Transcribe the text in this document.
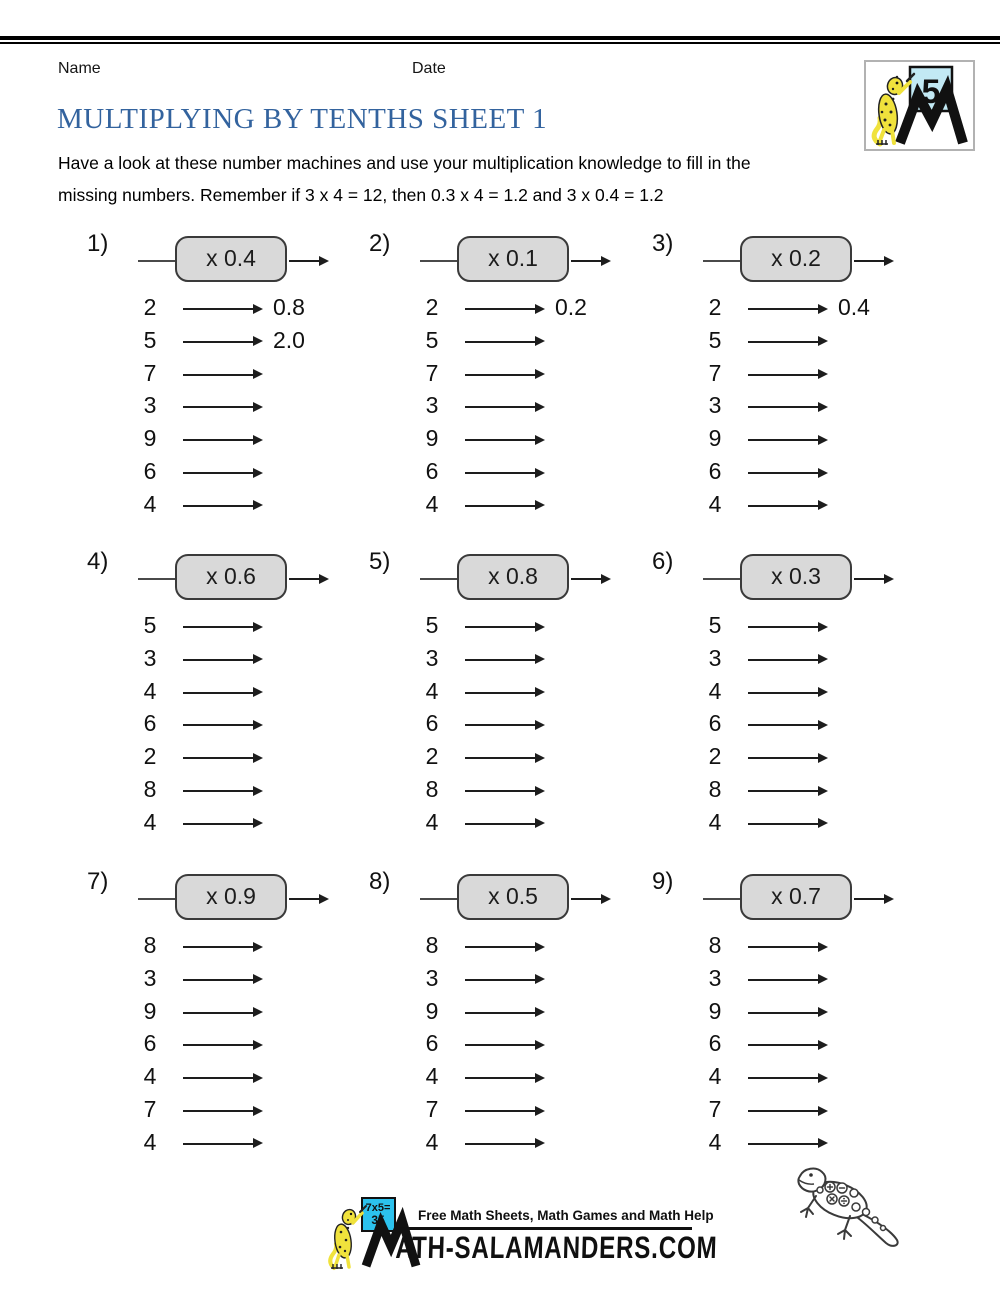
Name	Date
5
MULTIPLYING BY TENTHS SHEET 1
Have a look at these number machines and use your multiplication knowledge to fill in the
missing numbers. Remember if 3 x 4 = 12, then 0.3 x 4 = 1.2 and 3 x 0.4 = 1.2
1)
x 0.4
2	0.8
5	2.0
7
3
9
6
4
2)
x 0.1
2	0.2
5
7
3
9
6
4
3)
x 0.2
2	0.4
5
7
3
9
6
4
4)
x 0.6
5
3
4
6
2
8
4
5)
x 0.8
5
3
4
6
2
8
4
6)
x 0.3
5
3
4
6
2
8
4
7)
x 0.9
8
3
9
6
4
7
4
8)
x 0.5
8
3
9
6
4
7
4
9)
x 0.7
8
3
9
6
4
7
4
7x5=
35 Free Math Sheets, Math Games and Math Help
ATH-SALAMANDERS.COM
